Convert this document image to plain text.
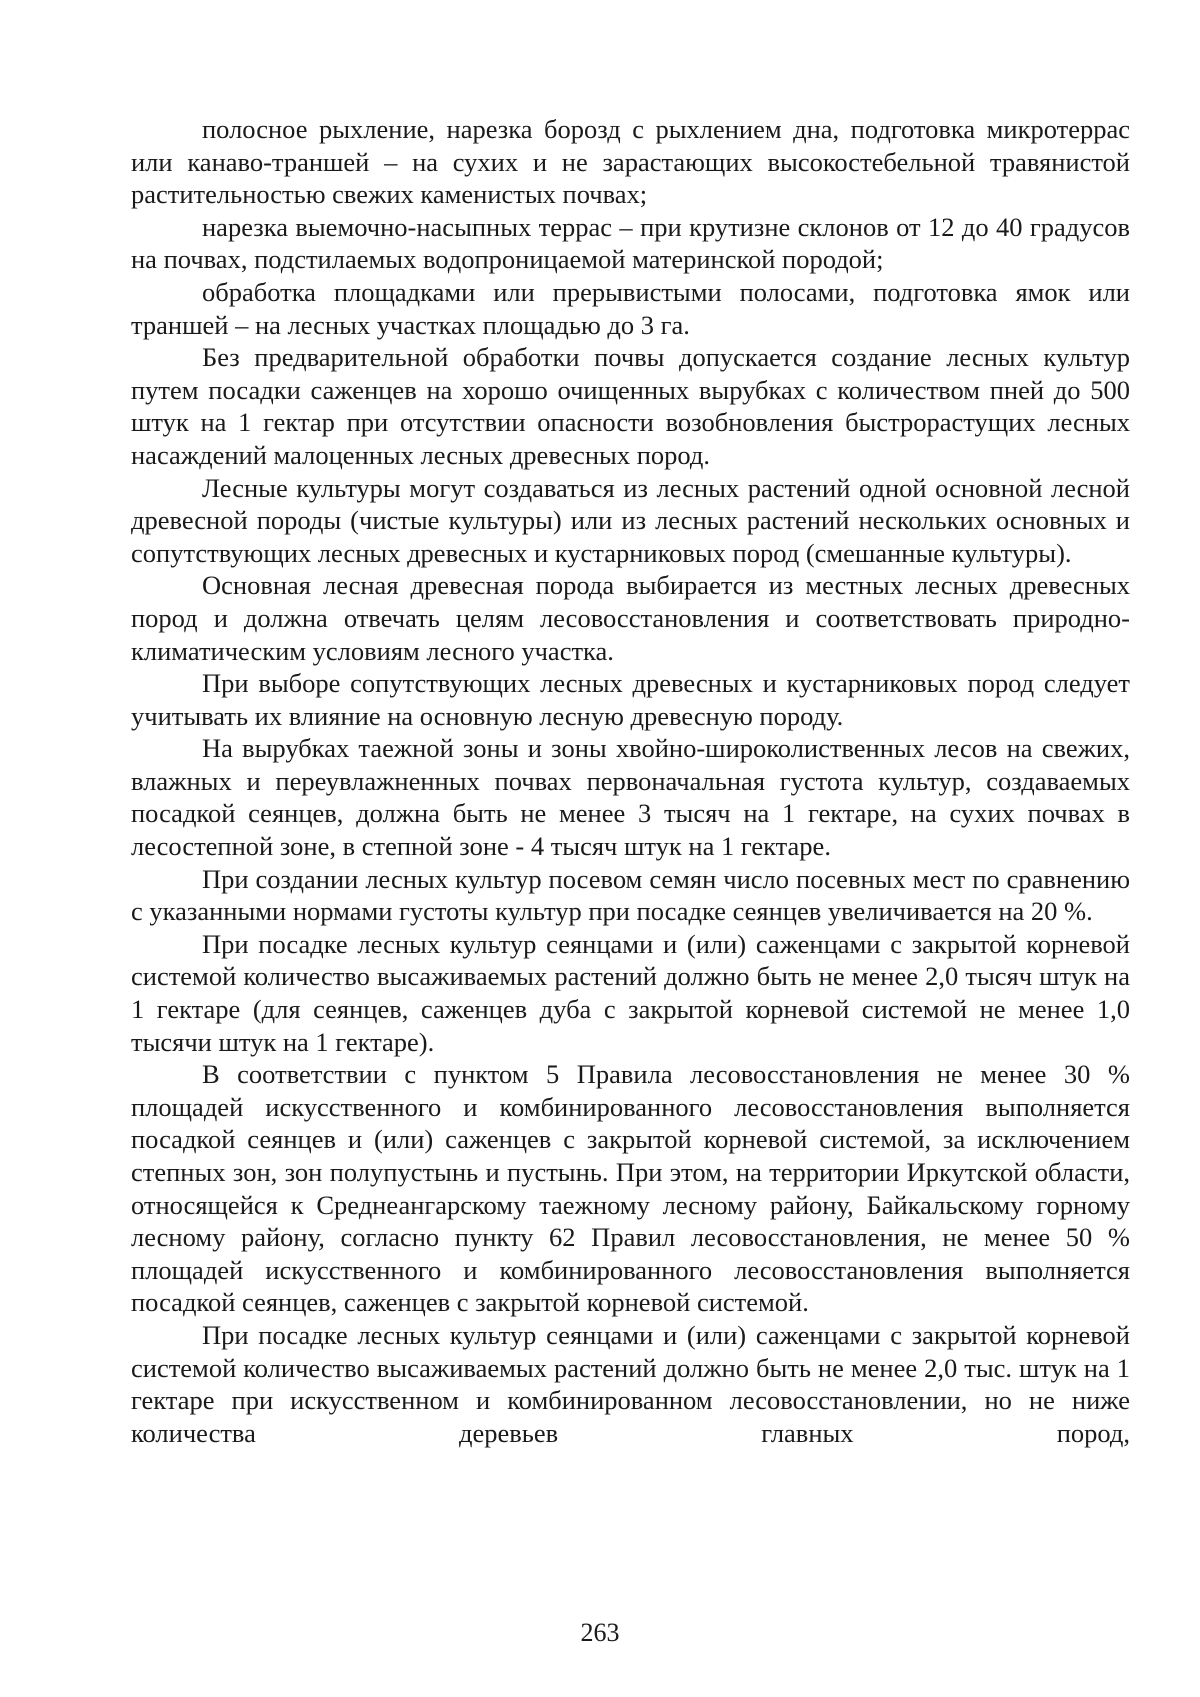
полосное рыхление, нарезка борозд с рыхлением дна, подготовка микротеррас или канаво-траншей – на сухих и не зарастающих высокостебельной травянистой растительностью свежих каменистых почвах;

нарезка выемочно-насыпных террас – при крутизне склонов от 12 до 40 градусов на почвах, подстилаемых водопроницаемой материнской породой;

обработка площадками или прерывистыми полосами, подготовка ямок или траншей – на лесных участках площадью до 3 га.

Без предварительной обработки почвы допускается создание лесных культур путем посадки саженцев на хорошо очищенных вырубках с количеством пней до 500 штук на 1 гектар при отсутствии опасности возобновления быстрорастущих лесных насаждений малоценных лесных древесных пород.

Лесные культуры могут создаваться из лесных растений одной основной лесной древесной породы (чистые культуры) или из лесных растений нескольких основных и сопутствующих лесных древесных и кустарниковых пород (смешанные культуры).

Основная лесная древесная порода выбирается из местных лесных древесных пород и должна отвечать целям лесовосстановления и соответствовать природно-климатическим условиям лесного участка.

При выборе сопутствующих лесных древесных и кустарниковых пород следует учитывать их влияние на основную лесную древесную породу.

На вырубках таежной зоны и зоны хвойно-широколиственных лесов на свежих, влажных и переувлажненных почвах первоначальная густота культур, создаваемых посадкой сеянцев, должна быть не менее 3 тысяч на 1 гектаре, на сухих почвах в лесостепной зоне, в степной зоне - 4 тысяч штук на 1 гектаре.

При создании лесных культур посевом семян число посевных мест по сравнению с указанными нормами густоты культур при посадке сеянцев увеличивается на 20 %.

При посадке лесных культур сеянцами и (или) саженцами с закрытой корневой системой количество высаживаемых растений должно быть не менее 2,0 тысяч штук на 1 гектаре (для сеянцев, саженцев дуба с закрытой корневой системой не менее 1,0 тысячи штук на 1 гектаре).

В соответствии с пунктом 5 Правила лесовосстановления не менее 30 % площадей искусственного и комбинированного лесовосстановления выполняется посадкой сеянцев и (или) саженцев с закрытой корневой системой, за исключением степных зон, зон полупустынь и пустынь. При этом, на территории Иркутской области, относящейся к Среднеангарскому таежному лесному району, Байкальскому горному лесному району, согласно пункту 62 Правил лесовосстановления, не менее 50 % площадей искусственного и комбинированного лесовосстановления выполняется посадкой сеянцев, саженцев с закрытой корневой системой.

При посадке лесных культур сеянцами и (или) саженцами с закрытой корневой системой количество высаживаемых растений должно быть не менее 2,0 тыс. штук на 1 гектаре при искусственном и комбинированном лесовосстановлении, но не ниже количества деревьев главных пород,

263
